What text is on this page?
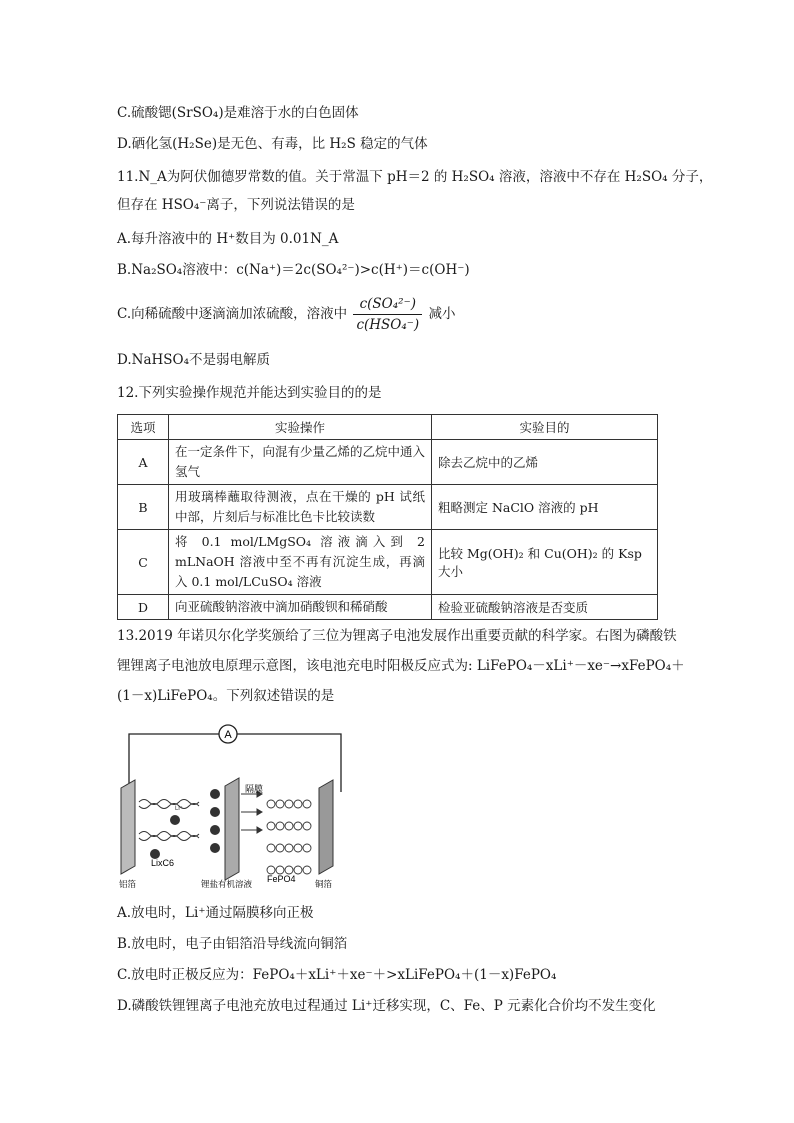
C.硫酸锶(SrSO₄)是难溶于水的白色固体
D.硒化氢(H₂Se)是无色、有毒，比 H₂S 稳定的气体
11.N_A为阿伏伽德罗常数的值。关于常温下 pH＝2 的 H₂SO₄ 溶液，溶液中不存在 H₂SO₄ 分子，
但存在 HSO₄⁻离子，下列说法错误的是
A.每升溶液中的 H⁺数目为 0.01N_A
B.Na₂SO₄溶液中：c(Na⁺)＝2c(SO₄²⁻)>c(H⁺)＝c(OH⁻)
C.向稀硫酸中逐滴滴加浓硫酸，溶液中 $\frac{\text{c(SO₄²⁻)}}{\text{c(HSO₄⁻)}}$ 减小
D.NaHSO₄不是弱电解质
12.下列实验操作规范并能达到实验目的的是
选项	实验操作	实验目的
A	在一定条件下，向混有少量乙烯的乙烷中通入氢气	除去乙烷中的乙烯
B	用玻璃棒蘸取待测液，点在干燥的 pH 试纸中部，片刻后与标准比色卡比较读数	粗略测定 NaClO 溶液的 pH
C	将 0.1 mol/LMgSO₄ 溶液滴入到 2 mLNaOH 溶液中至不再有沉淀生成，再滴入 0.1 mol/LCuSO₄ 溶液	比较 Mg(OH)₂ 和 Cu(OH)₂ 的 Ksp 大小
D	向亚硫酸钠溶液中滴加硝酸钡和稀硝酸	检验亚硫酸钠溶液是否变质
13.2019 年诺贝尔化学奖颁给了三位为锂离子电池发展作出重要贡献的科学家。右图为磷酸铁
锂锂离子电池放电原理示意图，该电池充电时阳极反应式为: LiFePO₄－xLi⁺－xe⁻→xFePO₄＋
(1－x)LiFePO₄。下列叙述错误的是
A
隔膜
LixC6
FePO4
铝箔	锂盐有机溶液	铜箔
Li⁺
A.放电时，Li⁺通过隔膜移向正极
B.放电时，电子由铝箔沿导线流向铜箔
C.放电时正极反应为：FePO₄＋xLi⁺＋xe⁻＋>xLiFePO₄＋(1－x)FePO₄
D.磷酸铁锂锂离子电池充放电过程通过 Li⁺迁移实现，C、Fe、P 元素化合价均不发生变化
